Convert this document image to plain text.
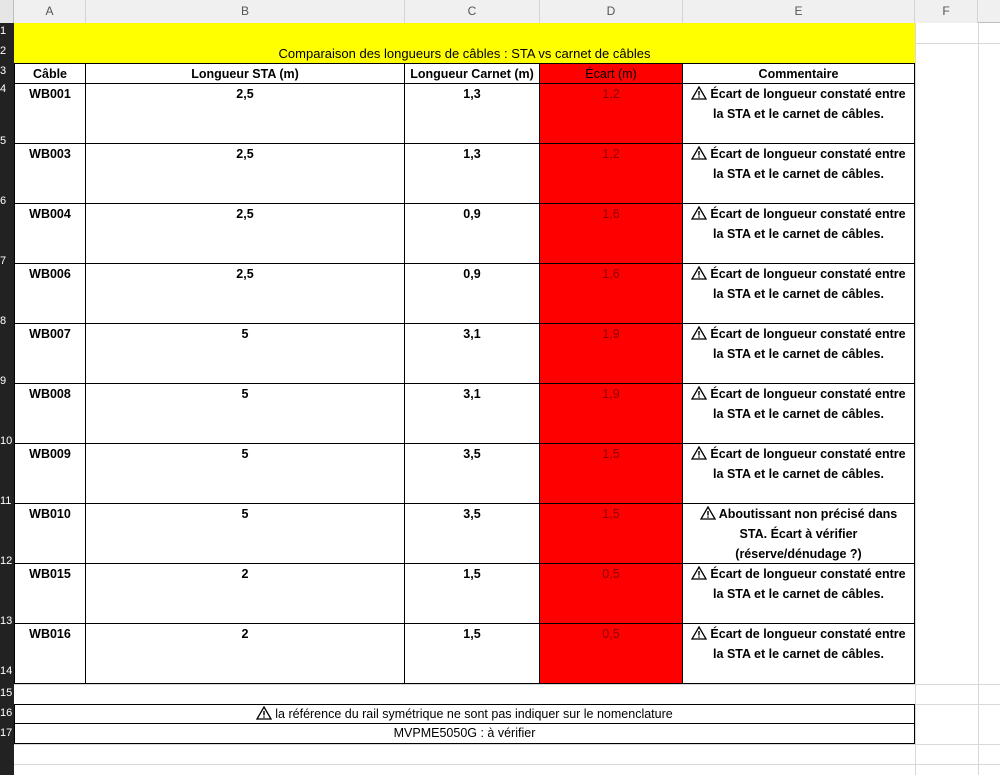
A	B	C	D	E	F
1
2
3
4
5
6
7
8
9
10
11
12
13
14
15
16
17
Comparaison des longueurs de câbles : STA vs carnet de câbles
Câble	Longueur STA (m)	Longueur Carnet (m)	Écart (m)	Commentaire
WB001	2,5	1,3	1,2	Écart de longueur constaté entre la STA et le carnet de câbles.
WB003	2,5	1,3	1,2	Écart de longueur constaté entre la STA et le carnet de câbles.
WB004	2,5	0,9	1,6	Écart de longueur constaté entre la STA et le carnet de câbles.
WB006	2,5	0,9	1,6	Écart de longueur constaté entre la STA et le carnet de câbles.
WB007	5	3,1	1,9	Écart de longueur constaté entre la STA et le carnet de câbles.
WB008	5	3,1	1,9	Écart de longueur constaté entre la STA et le carnet de câbles.
WB009	5	3,5	1,5	Écart de longueur constaté entre la STA et le carnet de câbles.
WB010	5	3,5	1,5	Aboutissant non précisé dans STA. Écart à vérifier (réserve/dénudage ?)
WB015	2	1,5	0,5	Écart de longueur constaté entre la STA et le carnet de câbles.
WB016	2	1,5	0,5	Écart de longueur constaté entre la STA et le carnet de câbles.
la référence du rail symétrique ne sont pas indiquer sur le nomenclature
MVPME5050G : à vérifier
